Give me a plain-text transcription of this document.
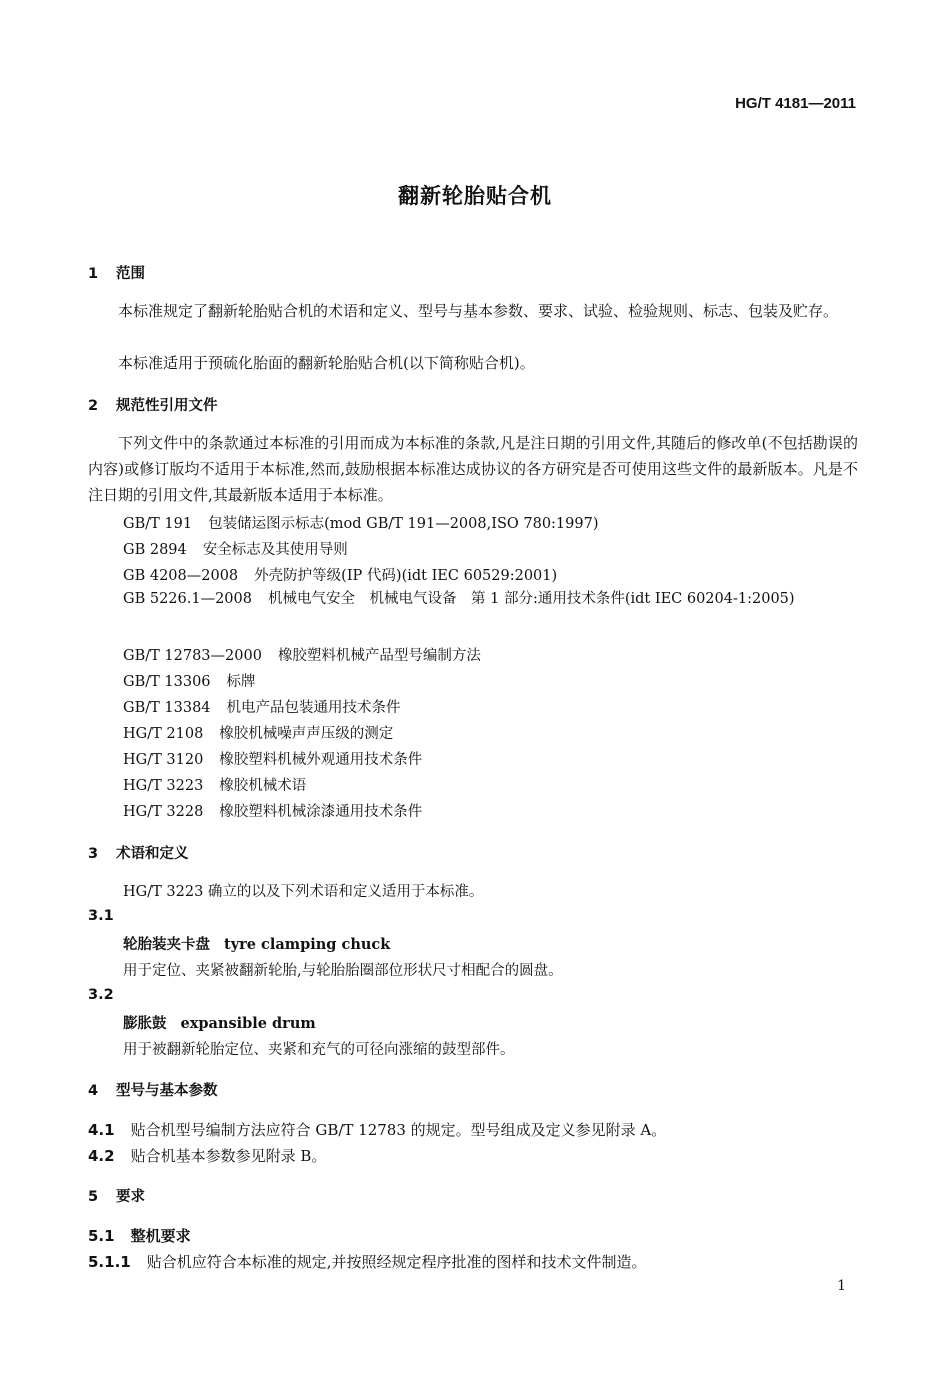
HG/T 4181—2011
翻新轮胎贴合机
1 范围
本标准规定了翻新轮胎贴合机的术语和定义、型号与基本参数、要求、试验、检验规则、标志、包装及贮存。
本标准适用于预硫化胎面的翻新轮胎贴合机(以下简称贴合机)。
2 规范性引用文件
下列文件中的条款通过本标准的引用而成为本标准的条款,凡是注日期的引用文件,其随后的修改单(不包括勘误的内容)或修订版均不适用于本标准,然而,鼓励根据本标准达成协议的各方研究是否可使用这些文件的最新版本。凡是不注日期的引用文件,其最新版本适用于本标准。
GB/T 191 包装储运图示标志(mod GB/T 191—2008,ISO 780:1997)
GB 2894 安全标志及其使用导则
GB 4208—2008 外壳防护等级(IP 代码)(idt IEC 60529:2001)
GB 5226.1—2008 机械电气安全　机械电气设备　第 1 部分:通用技术条件(idt IEC 60204-1:2005)
GB/T 12783—2000 橡胶塑料机械产品型号编制方法
GB/T 13306 标牌
GB/T 13384 机电产品包装通用技术条件
HG/T 2108 橡胶机械噪声声压级的测定
HG/T 3120 橡胶塑料机械外观通用技术条件
HG/T 3223 橡胶机械术语
HG/T 3228 橡胶塑料机械涂漆通用技术条件
3 术语和定义
HG/T 3223 确立的以及下列术语和定义适用于本标准。
3.1
轮胎装夹卡盘 tyre clamping chuck
用于定位、夹紧被翻新轮胎,与轮胎胎圈部位形状尺寸相配合的圆盘。
3.2
膨胀鼓 expansible drum
用于被翻新轮胎定位、夹紧和充气的可径向涨缩的鼓型部件。
4 型号与基本参数
4.1 贴合机型号编制方法应符合 GB/T 12783 的规定。型号组成及定义参见附录 A。
4.2 贴合机基本参数参见附录 B。
5 要求
5.1 整机要求
5.1.1 贴合机应符合本标准的规定,并按照经规定程序批准的图样和技术文件制造。
1
